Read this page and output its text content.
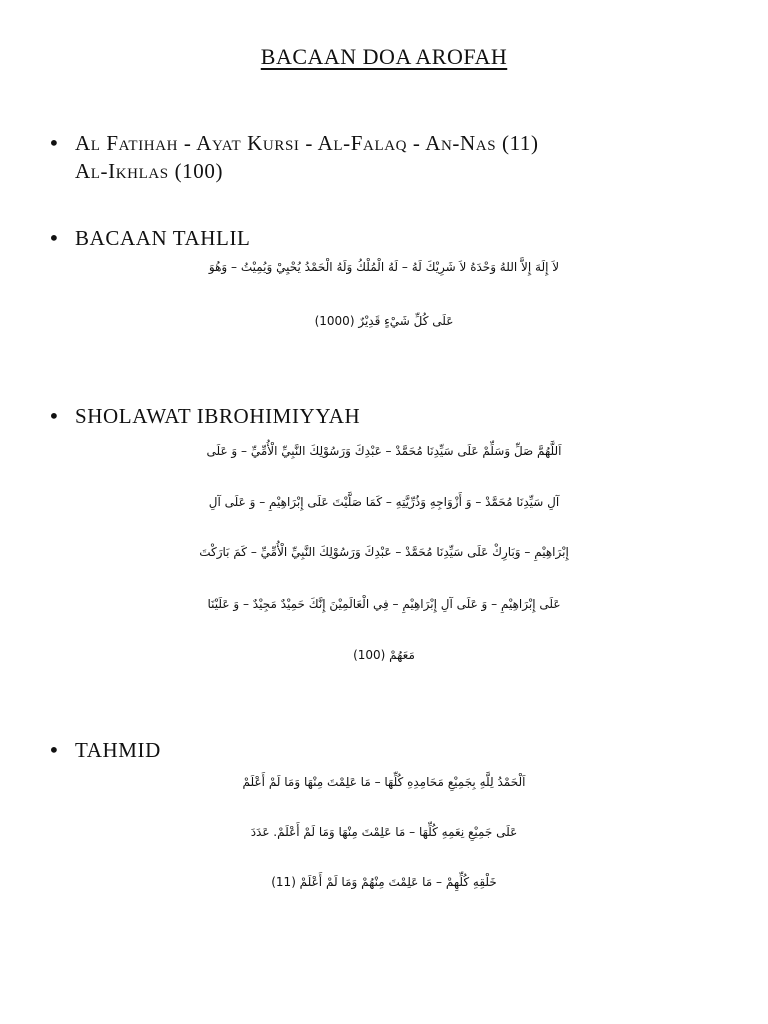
BACAAN DOA AROFAH
• Al Fatihah - Ayat Kursi - Al-Falaq - An-Nas (11)
Al-Ikhlas (100)
• BACAAN TAHLIL
لاَ إِلَهَ إِلاَّ اللهُ وَحْدَهُ لاَ شَرِيْكَ لَهُ – لَهُ الْمُلْكُ وَلَهُ الْحَمْدُ يُحْيِيْ وَيُمِيْتُ – وَهُوَ
عَلَى كُلِّ شَيْءٍ قَدِيْرٌ (1000)
• SHOLAWAT IBROHIMIYYAH
اَللَّهُمَّ صَلِّ وَسَلِّمْ عَلَى سَيِّدِنَا مُحَمَّدْ – عَبْدِكَ وَرَسُوْلِكَ النَّبِيِّ الْأُمِّيِّ – وَ عَلَى
آلِ سَيِّدِنَا مُحَمَّدْ – وَ أَزْوَاجِهِ وَذُرِّيَّتِهِ – كَمَا صَلَّيْتَ عَلَى إِبْرَاهِيْمِ – وَ عَلَى آلِ
إِبْرَاهِيْمِ – وَبَارِكْ عَلَى سَيِّدِنَا مُحَمَّدْ – عَبْدِكَ وَرَسُوْلِكَ النَّبِيِّ الْأُمِّيِّ – كَمَ بَارَكْتَ
عَلَى إِبْرَاهِيْمِ – وَ عَلَى آلِ إِبْرَاهِيْمِ – فِي الْعَالَمِيْنَ إِنَّكَ حَمِيْدٌ مَجِيْدٌ – وَ عَلَيْنَا
مَعَهُمْ (100)
• TAHMID
اَلْحَمْدُ لِلَّهِ بِجَمِيْعِ مَحَامِدِهِ كُلِّهَا – مَا عَلِمْتَ مِنْهَا وَمَا لَمْ أَعْلَمْ
عَلَى جَمِيْعِ نِعَمِهِ كُلِّهَا – مَا عَلِمْتَ مِنْهَا وَمَا لَمْ أَعْلَمْ. عَدَدَ
خَلْقِهِ كُلِّهِمْ – مَا عَلِمْتَ مِنْهُمْ وَمَا لَمْ أَعْلَمْ (11)
